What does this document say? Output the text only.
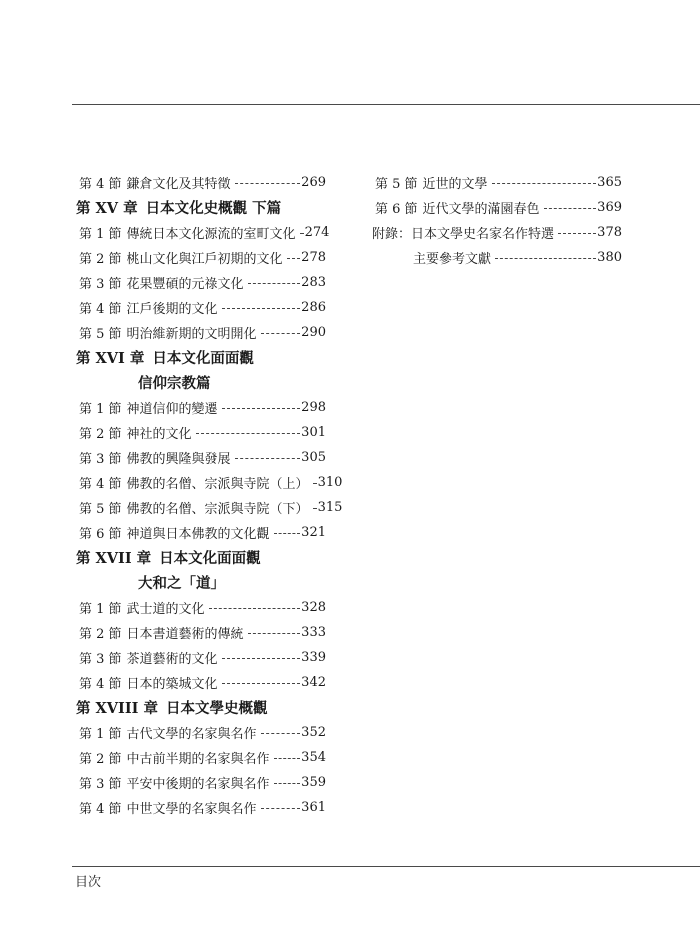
第 4 節 鎌倉文化及其特徵	269
第 XV 章 日本文化史概觀 下篇
第 1 節 傳統日本文化源流的室町文化 274
第 2 節 桃山文化與江戶初期的文化 278
第 3 節 花果豐碩的元祿文化	283
第 4 節 江戶後期的文化	286
第 5 節 明治維新期的文明開化	290
第 XVI 章 日本文化面面觀
信仰宗教篇
第 1 節 神道信仰的變遷	298
第 2 節 神社的文化	301
第 3 節 佛教的興隆與發展	305
第 4 節 佛教的名僧、宗派與寺院（上） 310
第 5 節 佛教的名僧、宗派與寺院（下） 315
第 6 節 神道與日本佛教的文化觀 321
第 XVII 章 日本文化面面觀
大和之「道」
第 1 節 武士道的文化	328
第 2 節 日本書道藝術的傳統	333
第 3 節 茶道藝術的文化	339
第 4 節 日本的築城文化	342
第 XVIII 章 日本文學史概觀
第 1 節 古代文學的名家與名作	352
第 2 節 中古前半期的名家與名作 354
第 3 節 平安中後期的名家與名作 359
第 4 節 中世文學的名家與名作	361
第 5 節 近世的文學	365
第 6 節 近代文學的滿園春色	369
附錄：日本文學史名家名作特選	378
主要參考文獻	380
目次
